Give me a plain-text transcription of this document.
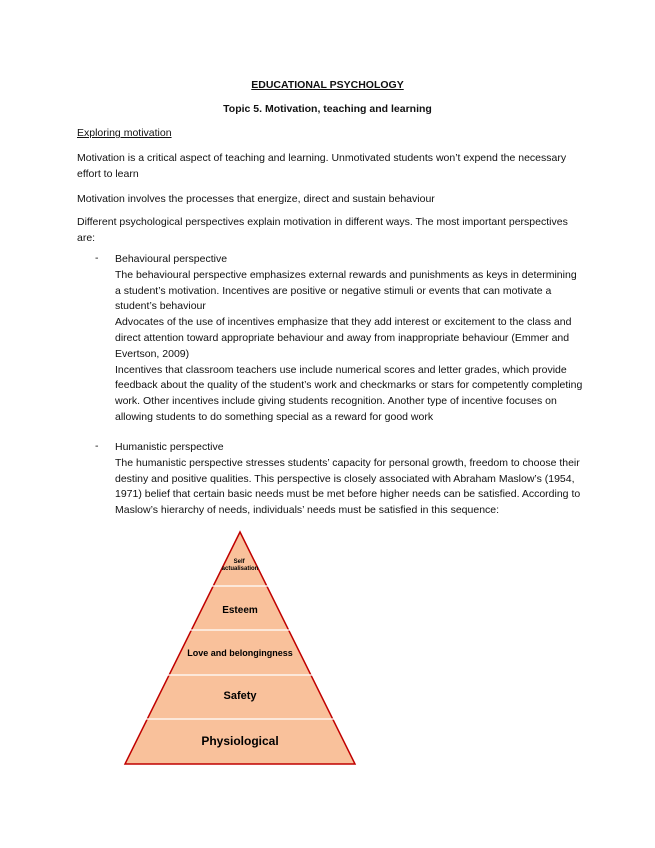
EDUCATIONAL PSYCHOLOGY
Topic 5. Motivation, teaching and learning

Exploring motivation

Motivation is a critical aspect of teaching and learning. Unmotivated students won’t expend the necessary effort to learn

Motivation involves the processes that energize, direct and sustain behaviour

Different psychological perspectives explain motivation in different ways. The most important perspectives are:

- Behavioural perspective
The behavioural perspective emphasizes external rewards and punishments as keys in determining a student’s motivation. Incentives are positive or negative stimuli or events that can motivate a student’s behaviour
Advocates of the use of incentives emphasize that they add interest or excitement to the class and direct attention toward appropriate behaviour and away from inappropriate behaviour (Emmer and Evertson, 2009)
Incentives that classroom teachers use include numerical scores and letter grades, which provide feedback about the quality of the student’s work and checkmarks or stars for competently completing work. Other incentives include giving students recognition. Another type of incentive focuses on allowing students to do something special as a reward for good work
- Humanistic perspective
The humanistic perspective stresses students’ capacity for personal growth, freedom to choose their destiny and positive qualities. This perspective is closely associated with Abraham Maslow’s (1954, 1971) belief that certain basic needs must be met before higher needs can be satisfied. According to Maslow’s hierarchy of needs, individuals’ needs must be satisfied in this sequence:
Self actualisation
Esteem
Love and belongingness
Safety
Physiological
